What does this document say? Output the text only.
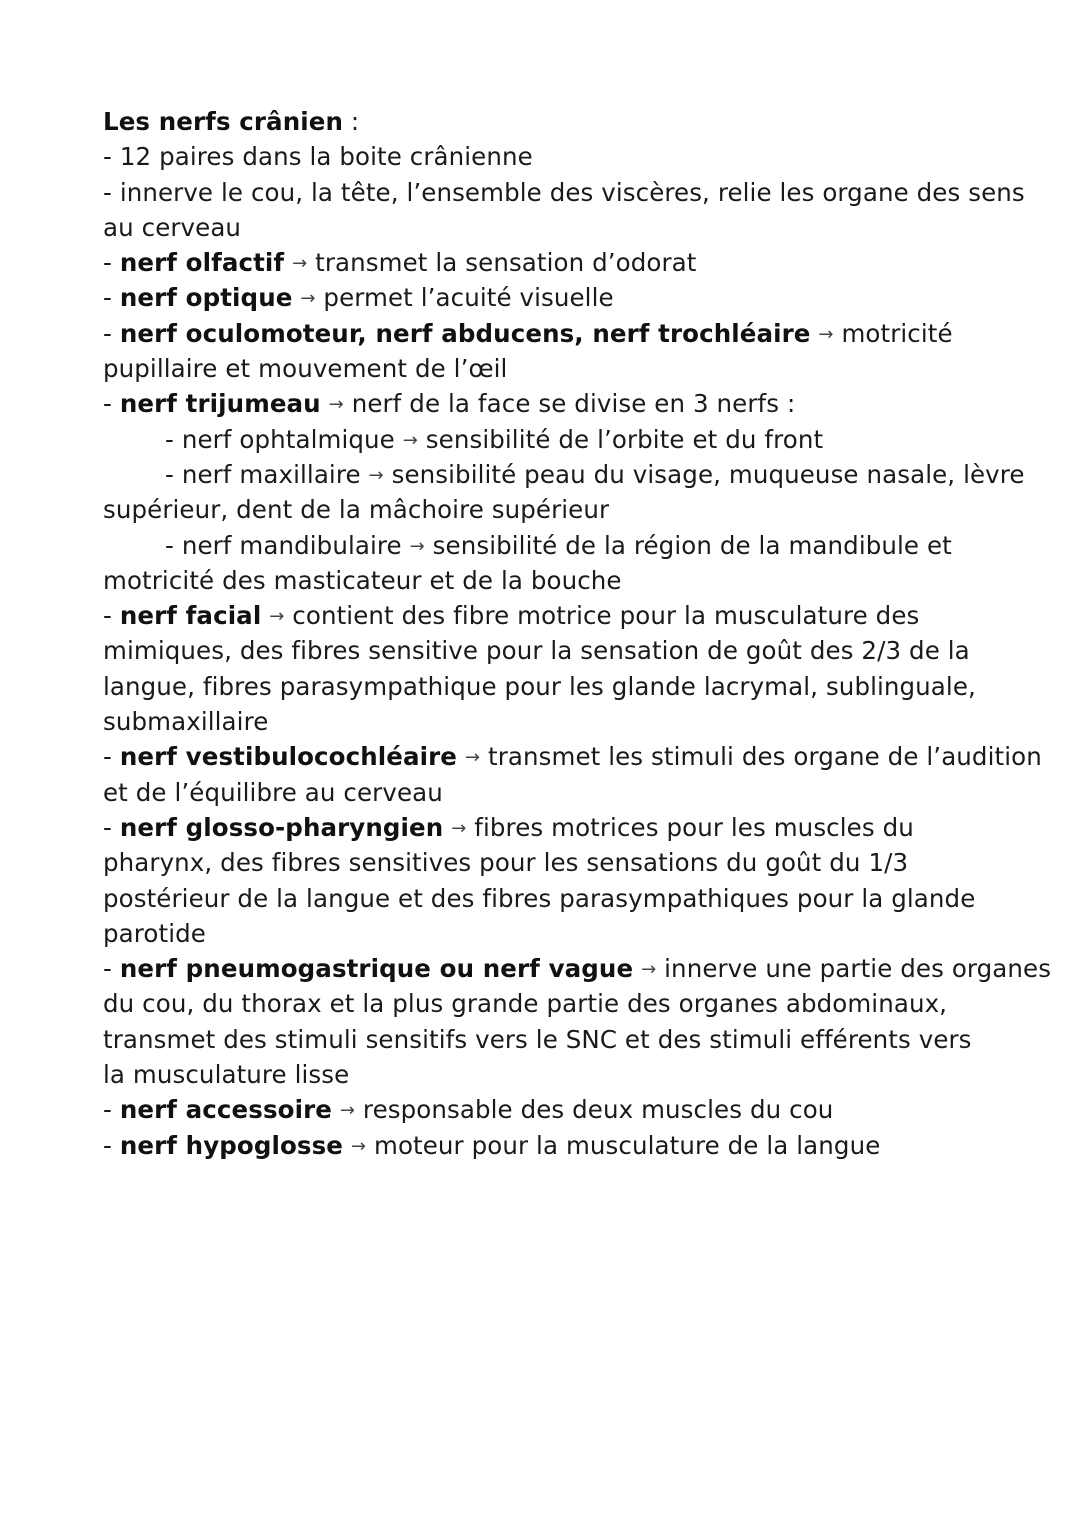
Les nerfs crânien :
- 12 paires dans la boite crânienne
- innerve le cou, la tête, l’ensemble des viscères, relie les organe des sens
au cerveau
- nerf olfactif → transmet la sensation d’odorat
- nerf optique → permet l’acuité visuelle
- nerf oculomoteur, nerf abducens, nerf trochléaire → motricité
pupillaire et mouvement de l’œil
- nerf trijumeau → nerf de la face se divise en 3 nerfs :
- nerf ophtalmique → sensibilité de l’orbite et du front
- nerf maxillaire → sensibilité peau du visage, muqueuse nasale, lèvre
supérieur, dent de la mâchoire supérieur
- nerf mandibulaire → sensibilité de la région de la mandibule et
motricité des masticateur et de la bouche
- nerf facial → contient des fibre motrice pour la musculature des
mimiques, des fibres sensitive pour la sensation de goût des 2/3 de la
langue, fibres parasympathique pour les glande lacrymal, sublinguale,
submaxillaire
- nerf vestibulocochléaire → transmet les stimuli des organe de l’audition
et de l’équilibre au cerveau
- nerf glosso-pharyngien → fibres motrices pour les muscles du
pharynx, des fibres sensitives pour les sensations du goût du 1/3
postérieur de la langue et des fibres parasympathiques pour la glande
parotide
- nerf pneumogastrique ou nerf vague → innerve une partie des organes
du cou, du thorax et la plus grande partie des organes abdominaux,
transmet des stimuli sensitifs vers le SNC et des stimuli efférents vers
la musculature lisse
- nerf accessoire → responsable des deux muscles du cou
- nerf hypoglosse → moteur pour la musculature de la langue
